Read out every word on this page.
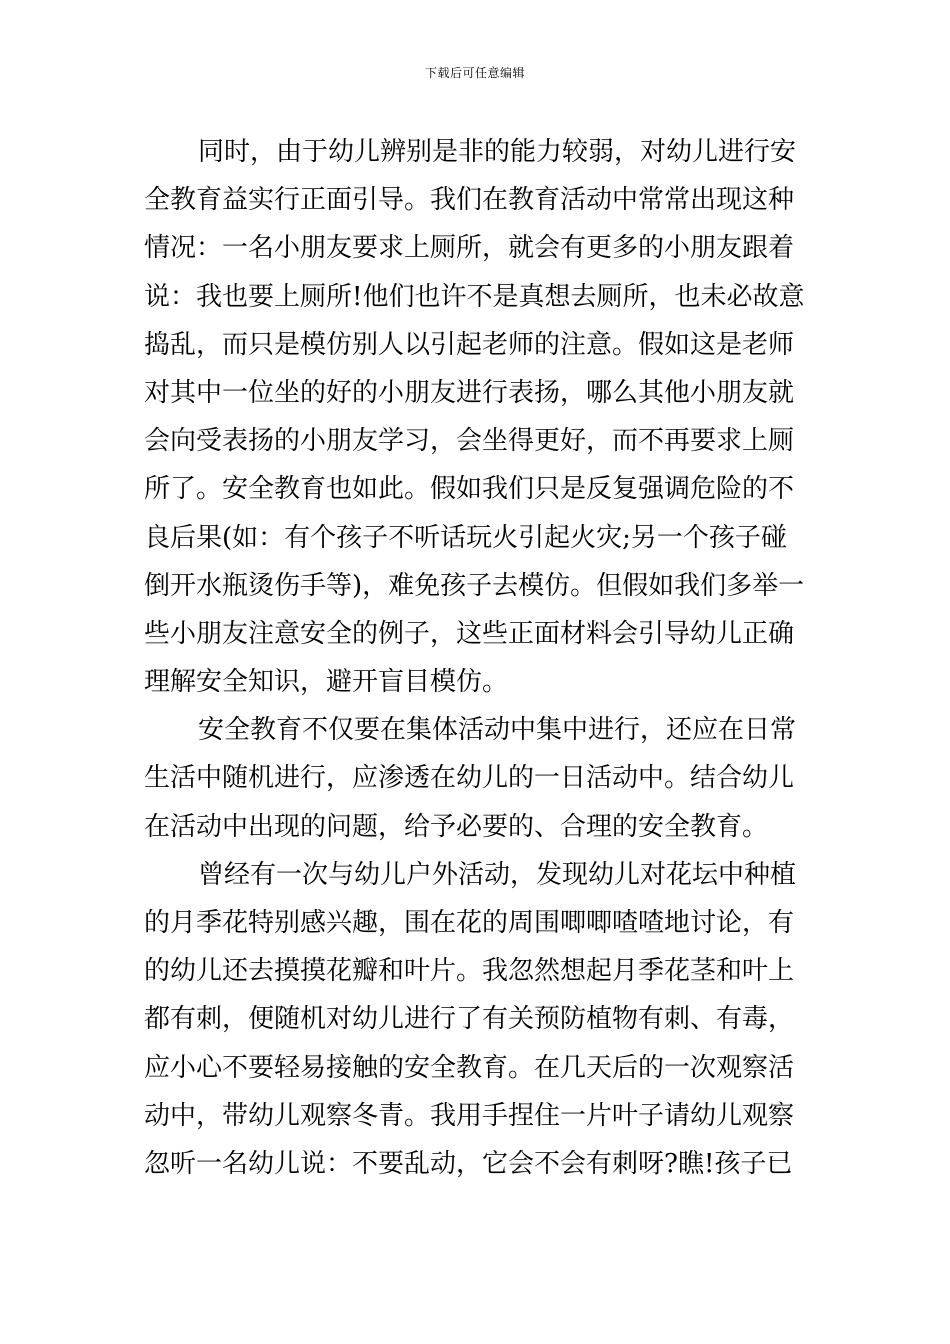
下载后可任意编辑
同时，由于幼儿辨别是非的能力较弱，对幼儿进行安
全教育益实行正面引导。我们在教育活动中常常出现这种
情况：一名小朋友要求上厕所，就会有更多的小朋友跟着
说：我也要上厕所!他们也许不是真想去厕所，也未必故意
捣乱，而只是模仿别人以引起老师的注意。假如这是老师
对其中一位坐的好的小朋友进行表扬，哪么其他小朋友就
会向受表扬的小朋友学习，会坐得更好，而不再要求上厕
所了。安全教育也如此。假如我们只是反复强调危险的不
良后果(如：有个孩子不听话玩火引起火灾;另一个孩子碰
倒开水瓶烫伤手等)，难免孩子去模仿。但假如我们多举一
些小朋友注意安全的例子，这些正面材料会引导幼儿正确
理解安全知识，避开盲目模仿。
安全教育不仅要在集体活动中集中进行，还应在日常
生活中随机进行，应渗透在幼儿的一日活动中。结合幼儿
在活动中出现的问题，给予必要的、合理的安全教育。
曾经有一次与幼儿户外活动，发现幼儿对花坛中种植
的月季花特别感兴趣，围在花的周围唧唧喳喳地讨论，有
的幼儿还去摸摸花瓣和叶片。我忽然想起月季花茎和叶上
都有刺，便随机对幼儿进行了有关预防植物有刺、有毒，
应小心不要轻易接触的安全教育。在几天后的一次观察活
动中，带幼儿观察冬青。我用手捏住一片叶子请幼儿观察
忽听一名幼儿说：不要乱动，它会不会有刺呀?瞧!孩子已
